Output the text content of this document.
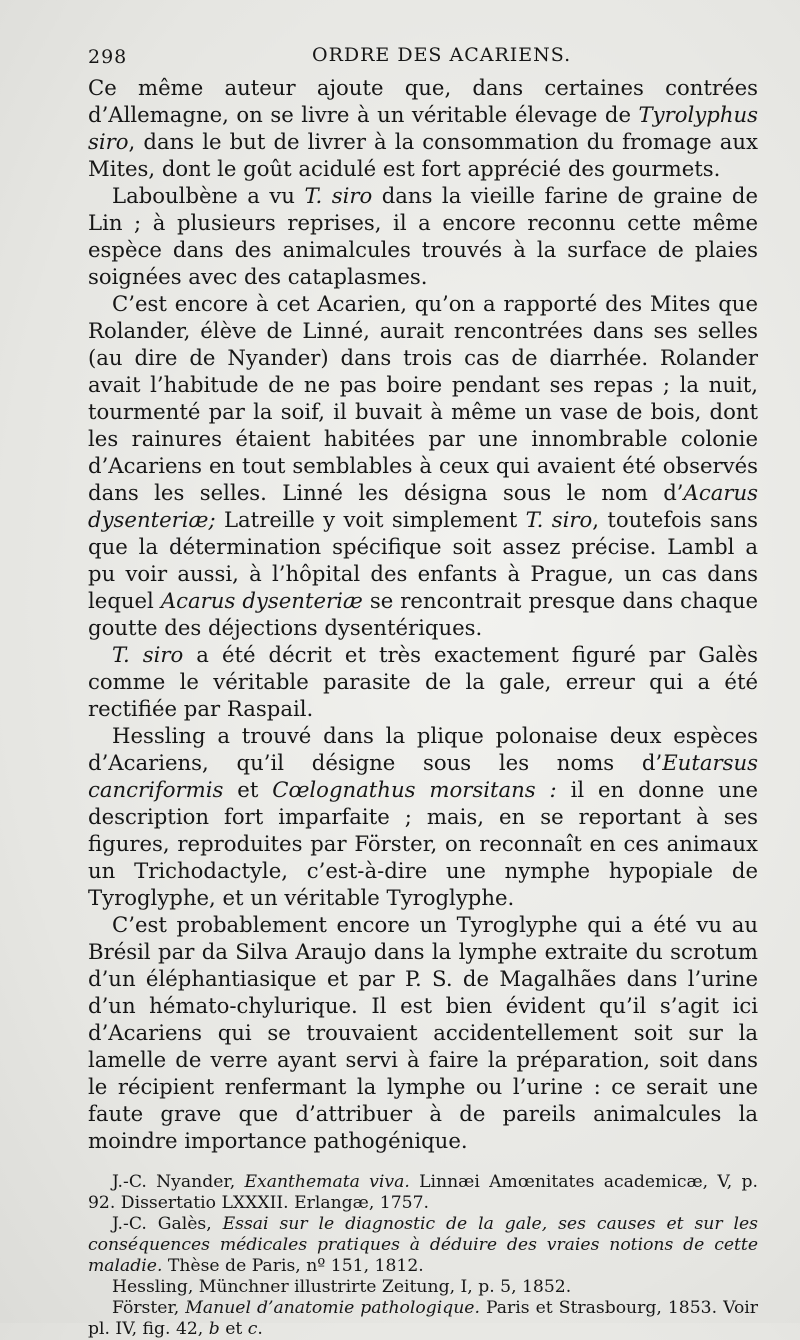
298	ORDRE DES ACARIENS.

Ce même auteur ajoute que, dans certaines contrées d’Allemagne, on se livre à un véritable élevage de Tyrolyphus siro, dans le but de livrer à la consommation du fromage aux Mites, dont le goût acidulé est fort apprécié des gourmets.

Laboulbène a vu T. siro dans la vieille farine de graine de Lin ; à plusieurs reprises, il a encore reconnu cette même espèce dans des animalcules trouvés à la surface de plaies soignées avec des cataplasmes.

C’est encore à cet Acarien, qu’on a rapporté des Mites que Rolander, élève de Linné, aurait rencontrées dans ses selles (au dire de Nyander) dans trois cas de diarrhée. Rolander avait l’habitude de ne pas boire pendant ses repas ; la nuit, tourmenté par la soif, il buvait à même un vase de bois, dont les rainures étaient habitées par une innombrable colonie d’Acariens en tout semblables à ceux qui avaient été observés dans les selles. Linné les désigna sous le nom d’Acarus dysenteriæ; Latreille y voit simplement T. siro, toutefois sans que la détermination spécifique soit assez précise. Lambl a pu voir aussi, à l’hôpital des enfants à Prague, un cas dans lequel Acarus dysenteriæ se rencontrait presque dans chaque goutte des déjections dysentériques.

T. siro a été décrit et très exactement figuré par Galès comme le véritable parasite de la gale, erreur qui a été rectifiée par Raspail.

Hessling a trouvé dans la plique polonaise deux espèces d’Acariens, qu’il désigne sous les noms d’Eutarsus cancriformis et Cœlognathus morsitans : il en donne une description fort imparfaite ; mais, en se reportant à ses figures, reproduites par Förster, on reconnaît en ces animaux un Trichodactyle, c’est-à-dire une nymphe hypopiale de Tyroglyphe, et un véritable Tyroglyphe.

C’est probablement encore un Tyroglyphe qui a été vu au Brésil par da Silva Araujo dans la lymphe extraite du scrotum d’un éléphantiasique et par P. S. de Magalhães dans l’urine d’un hémato-chylurique. Il est bien évident qu’il s’agit ici d’Acariens qui se trouvaient accidentellement soit sur la lamelle de verre ayant servi à faire la préparation, soit dans le récipient renfermant la lymphe ou l’urine : ce serait une faute grave que d’attribuer à de pareils animalcules la moindre importance pathogénique.

J.-C. Nyander, Exanthemata viva. Linnæi Amœnitates academicæ, V, p. 92. Dissertatio LXXXII. Erlangæ, 1757.

J.-C. Galès, Essai sur le diagnostic de la gale, ses causes et sur les conséquences médicales pratiques à déduire des vraies notions de cette maladie. Thèse de Paris, nº 151, 1812.

Hessling, Münchner illustrirte Zeitung, I, p. 5, 1852.

Förster, Manuel d’anatomie pathologique. Paris et Strasbourg, 1853. Voir pl. IV, fig. 42, b et c.
